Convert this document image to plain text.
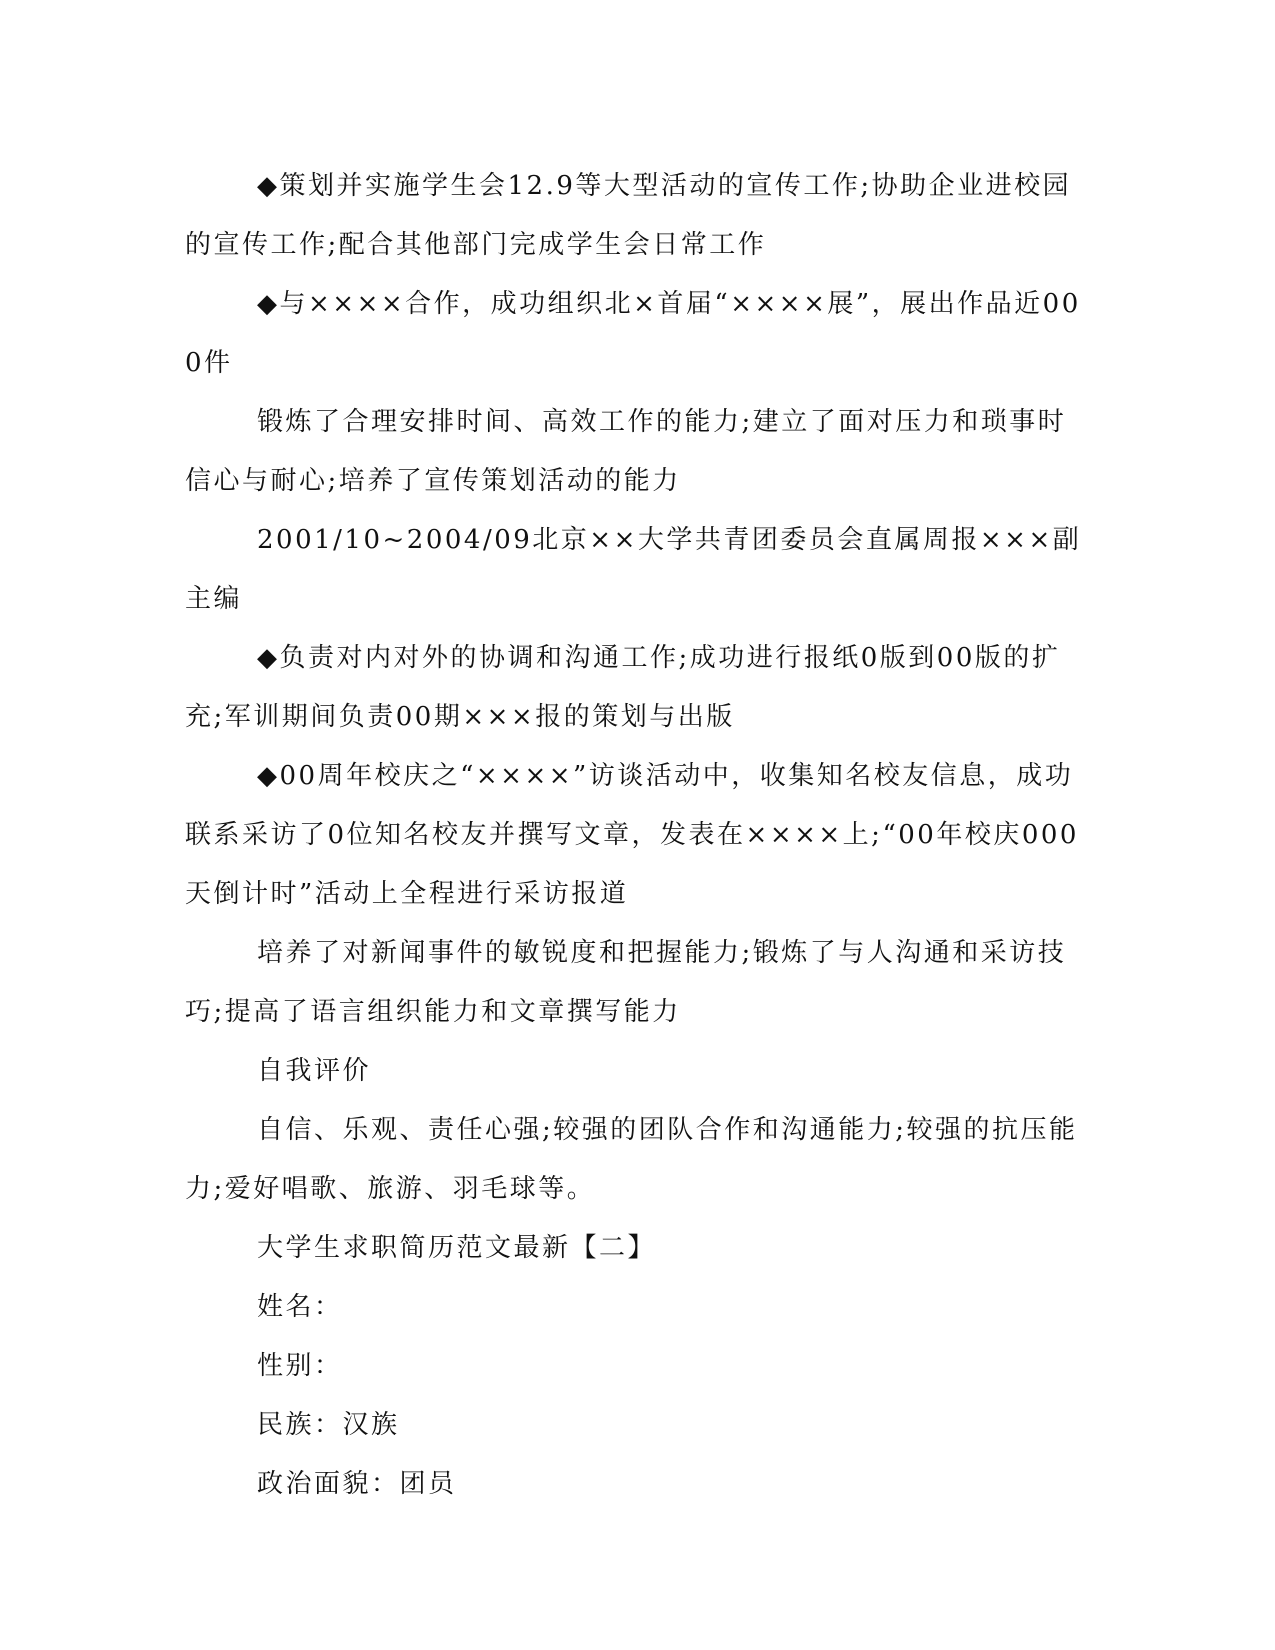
◆策划并实施学生会12.9等大型活动的宣传工作;协助企业进校园的宣传工作;配合其他部门完成学生会日常工作

◆与××××合作，成功组织北×首届“××××展”，展出作品近000件

锻炼了合理安排时间、高效工作的能力;建立了面对压力和琐事时信心与耐心;培养了宣传策划活动的能力

2001/10~2004/09北京××大学共青团委员会直属周报×××副主编

◆负责对内对外的协调和沟通工作;成功进行报纸0版到00版的扩充;军训期间负责00期×××报的策划与出版

◆00周年校庆之“××××”访谈活动中，收集知名校友信息，成功联系采访了0位知名校友并撰写文章，发表在××××上;“00年校庆000天倒计时”活动上全程进行采访报道

培养了对新闻事件的敏锐度和把握能力;锻炼了与人沟通和采访技巧;提高了语言组织能力和文章撰写能力

自我评价

自信、乐观、责任心强;较强的团队合作和沟通能力;较强的抗压能力;爱好唱歌、旅游、羽毛球等。

大学生求职简历范文最新【二】

姓名：

性别：

民族：汉族

政治面貌：团员
